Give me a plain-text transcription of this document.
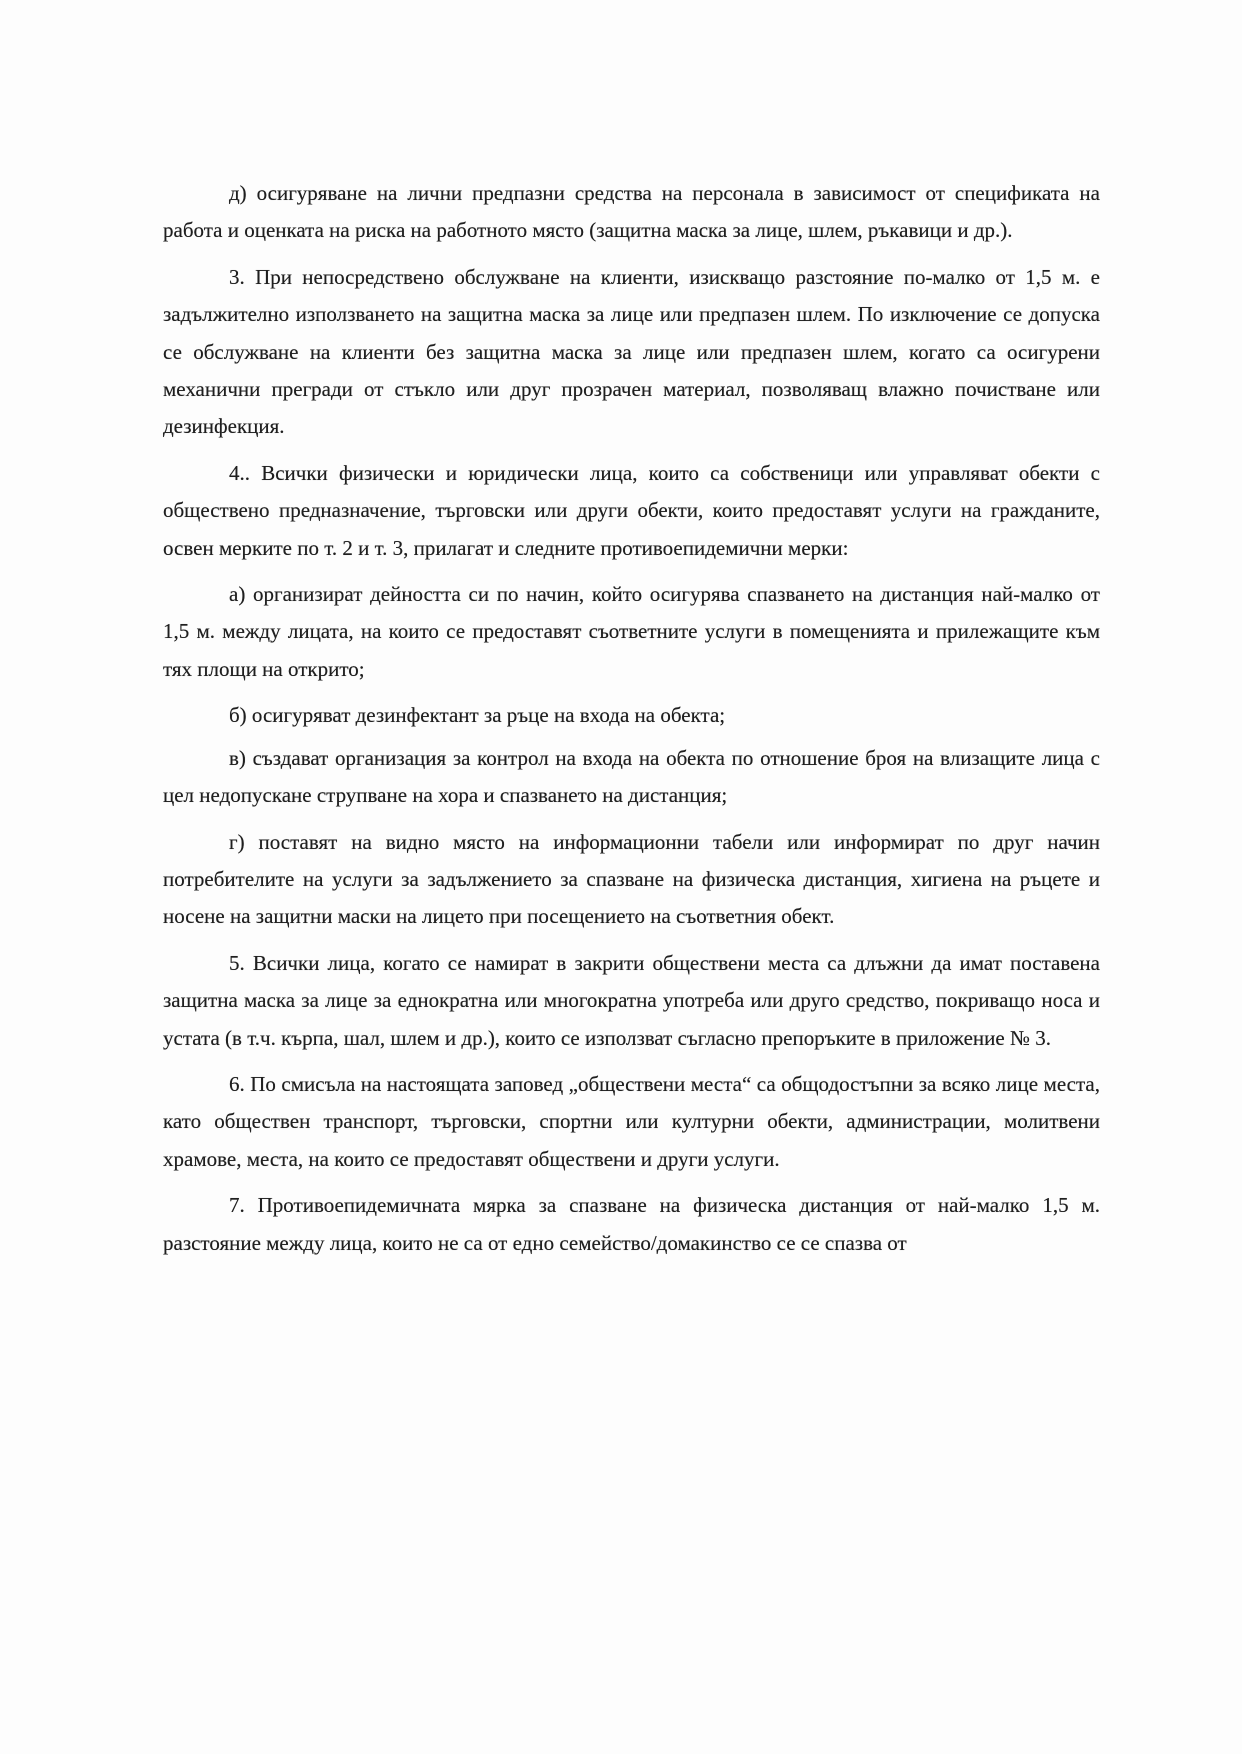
д) осигуряване на лични предпазни средства на персонала в зависимост от спецификата на работа и оценката на риска на работното място (защитна маска за лице, шлем, ръкавици и др.).

3. При непосредствено обслужване на клиенти, изискващо разстояние по-малко от 1,5 м. е задължително използването на защитна маска за лице или предпазен шлем. По изключение се допуска се обслужване на клиенти без защитна маска за лице или предпазен шлем, когато са осигурени механични прегради от стъкло или друг прозрачен материал, позволяващ влажно почистване или дезинфекция.

4.. Всички физически и юридически лица, които са собственици или управляват обекти с обществено предназначение, търговски или други обекти, които предоставят услуги на гражданите, освен мерките по т. 2 и т. 3, прилагат и следните противоепидемични мерки:

а) организират дейността си по начин, който осигурява спазването на дистанция най-малко от 1,5 м. между лицата, на които се предоставят съответните услуги в помещенията и прилежащите към тях площи на открито;

б) осигуряват дезинфектант за ръце на входа на обекта;

в) създават организация за контрол на входа на обекта по отношение броя на влизащите лица с цел недопускане струпване на хора и спазването на дистанция;

г) поставят на видно място на информационни табели или информират по друг начин потребителите на услуги за задължението за спазване на физическа дистанция, хигиена на ръцете и носене на защитни маски на лицето при посещението на съответния обект.

5. Всички лица, когато се намират в закрити обществени места са длъжни да имат поставена защитна маска за лице за еднократна или многократна употреба или друго средство, покриващо носа и устата (в т.ч. кърпа, шал, шлем и др.), които се използват съгласно препоръките в приложение № 3.

6. По смисъла на настоящата заповед „обществени места“ са общодостъпни за всяко лице места, като обществен транспорт, търговски, спортни или културни обекти, администрации, молитвени храмове, места, на които се предоставят обществени и други услуги.

7. Противоепидемичната мярка за спазване на физическа дистанция от най-малко 1,5 м. разстояние между лица, които не са от едно семейство/домакинство се се спазва от
